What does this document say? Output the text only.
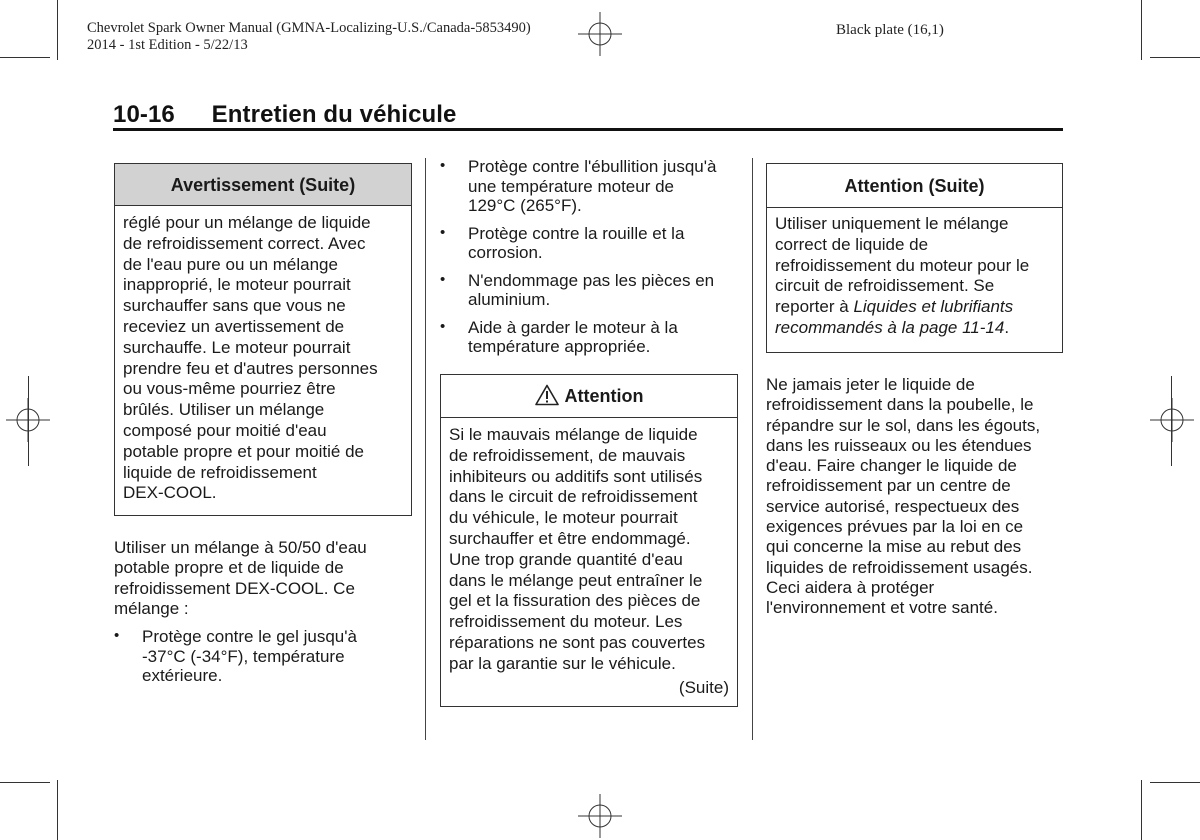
Chevrolet Spark Owner Manual (GMNA-Localizing-U.S./Canada-5853490)
2014 - 1st Edition - 5/22/13
Black plate (16,1)
10-16 Entretien du véhicule
Avertissement (Suite)
réglé pour un mélange de liquide
de refroidissement correct. Avec
de l'eau pure ou un mélange
inapproprié, le moteur pourrait
surchauffer sans que vous ne
receviez un avertissement de
surchauffe. Le moteur pourrait
prendre feu et d'autres personnes
ou vous-même pourriez être
brûlés. Utiliser un mélange
composé pour moitié d'eau
potable propre et pour moitié de
liquide de refroidissement
DEX-COOL.
Utiliser un mélange à 50/50 d'eau
potable propre et de liquide de
refroidissement DEX-COOL. Ce
mélange :
• Protège contre le gel jusqu'à
-37°C (-34°F), température
extérieure.
• Protège contre l'ébullition jusqu'à
une température moteur de
129°C (265°F).
• Protège contre la rouille et la
corrosion.
• N'endommage pas les pièces en
aluminium.
• Aide à garder le moteur à la
température appropriée.
Attention
Si le mauvais mélange de liquide
de refroidissement, de mauvais
inhibiteurs ou additifs sont utilisés
dans le circuit de refroidissement
du véhicule, le moteur pourrait
surchauffer et être endommagé.
Une trop grande quantité d'eau
dans le mélange peut entraîner le
gel et la fissuration des pièces de
refroidissement du moteur. Les
réparations ne sont pas couvertes
par la garantie sur le véhicule.
(Suite)
Attention (Suite)
Utiliser uniquement le mélange
correct de liquide de
refroidissement du moteur pour le
circuit de refroidissement. Se
reporter à Liquides et lubrifiants
recommandés à la page 11-14.
Ne jamais jeter le liquide de
refroidissement dans la poubelle, le
répandre sur le sol, dans les égouts,
dans les ruisseaux ou les étendues
d'eau. Faire changer le liquide de
refroidissement par un centre de
service autorisé, respectueux des
exigences prévues par la loi en ce
qui concerne la mise au rebut des
liquides de refroidissement usagés.
Ceci aidera à protéger
l'environnement et votre santé.
